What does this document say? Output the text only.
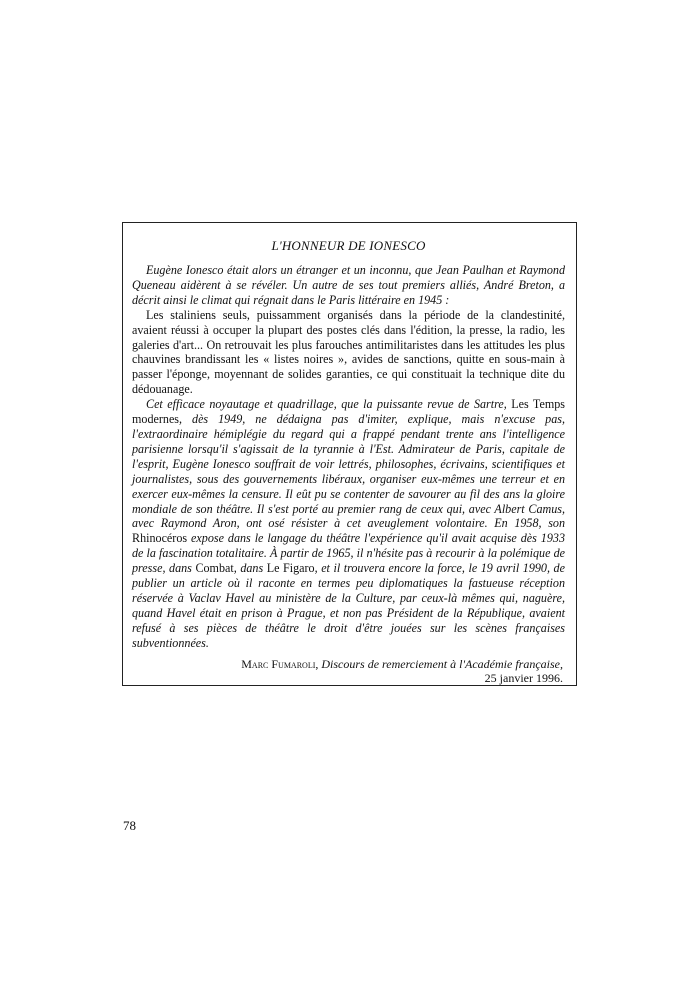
L'HONNEUR DE IONESCO

Eugène Ionesco était alors un étranger et un inconnu, que Jean Paulhan et Raymond Queneau aidèrent à se révéler. Un autre de ses tout premiers alliés, André Breton, a décrit ainsi le climat qui régnait dans le Paris littéraire en 1945 :

Les staliniens seuls, puissamment organisés dans la période de la clandestinité, avaient réussi à occuper la plupart des postes clés dans l'édition, la presse, la radio, les galeries d'art... On retrouvait les plus farouches antimilitaristes dans les attitudes les plus chauvines brandissant les « listes noires », avides de sanctions, quitte en sous-main à passer l'éponge, moyennant de solides garanties, ce qui constituait la technique dite du dédouanage.

Cet efficace noyautage et quadrillage, que la puissante revue de Sartre, Les Temps modernes, dès 1949, ne dédaigna pas d'imiter, explique, mais n'excuse pas, l'extraordinaire hémiplégie du regard qui a frappé pendant trente ans l'intelligence parisienne lorsqu'il s'agissait de la tyrannie à l'Est. Admirateur de Paris, capitale de l'esprit, Eugène Ionesco souffrait de voir lettrés, philosophes, écrivains, scientifiques et journalistes, sous des gouvernements libéraux, organiser eux-mêmes une terreur et en exercer eux-mêmes la censure. Il eût pu se contenter de savourer au fil des ans la gloire mondiale de son théâtre. Il s'est porté au premier rang de ceux qui, avec Albert Camus, avec Raymond Aron, ont osé résister à cet aveuglement volontaire. En 1958, son Rhinocéros expose dans le langage du théâtre l'expérience qu'il avait acquise dès 1933 de la fascination totalitaire. À partir de 1965, il n'hésite pas à recourir à la polémique de presse, dans Combat, dans Le Figaro, et il trouvera encore la force, le 19 avril 1990, de publier un article où il raconte en termes peu diplomatiques la fastueuse réception réservée à Vaclav Havel au ministère de la Culture, par ceux-là mêmes qui, naguère, quand Havel était en prison à Prague, et non pas Président de la République, avaient refusé à ses pièces de théâtre le droit d'être jouées sur les scènes françaises subventionnées.

Marc Fumaroli, Discours de remerciement à l'Académie française,
25 janvier 1996.
78
